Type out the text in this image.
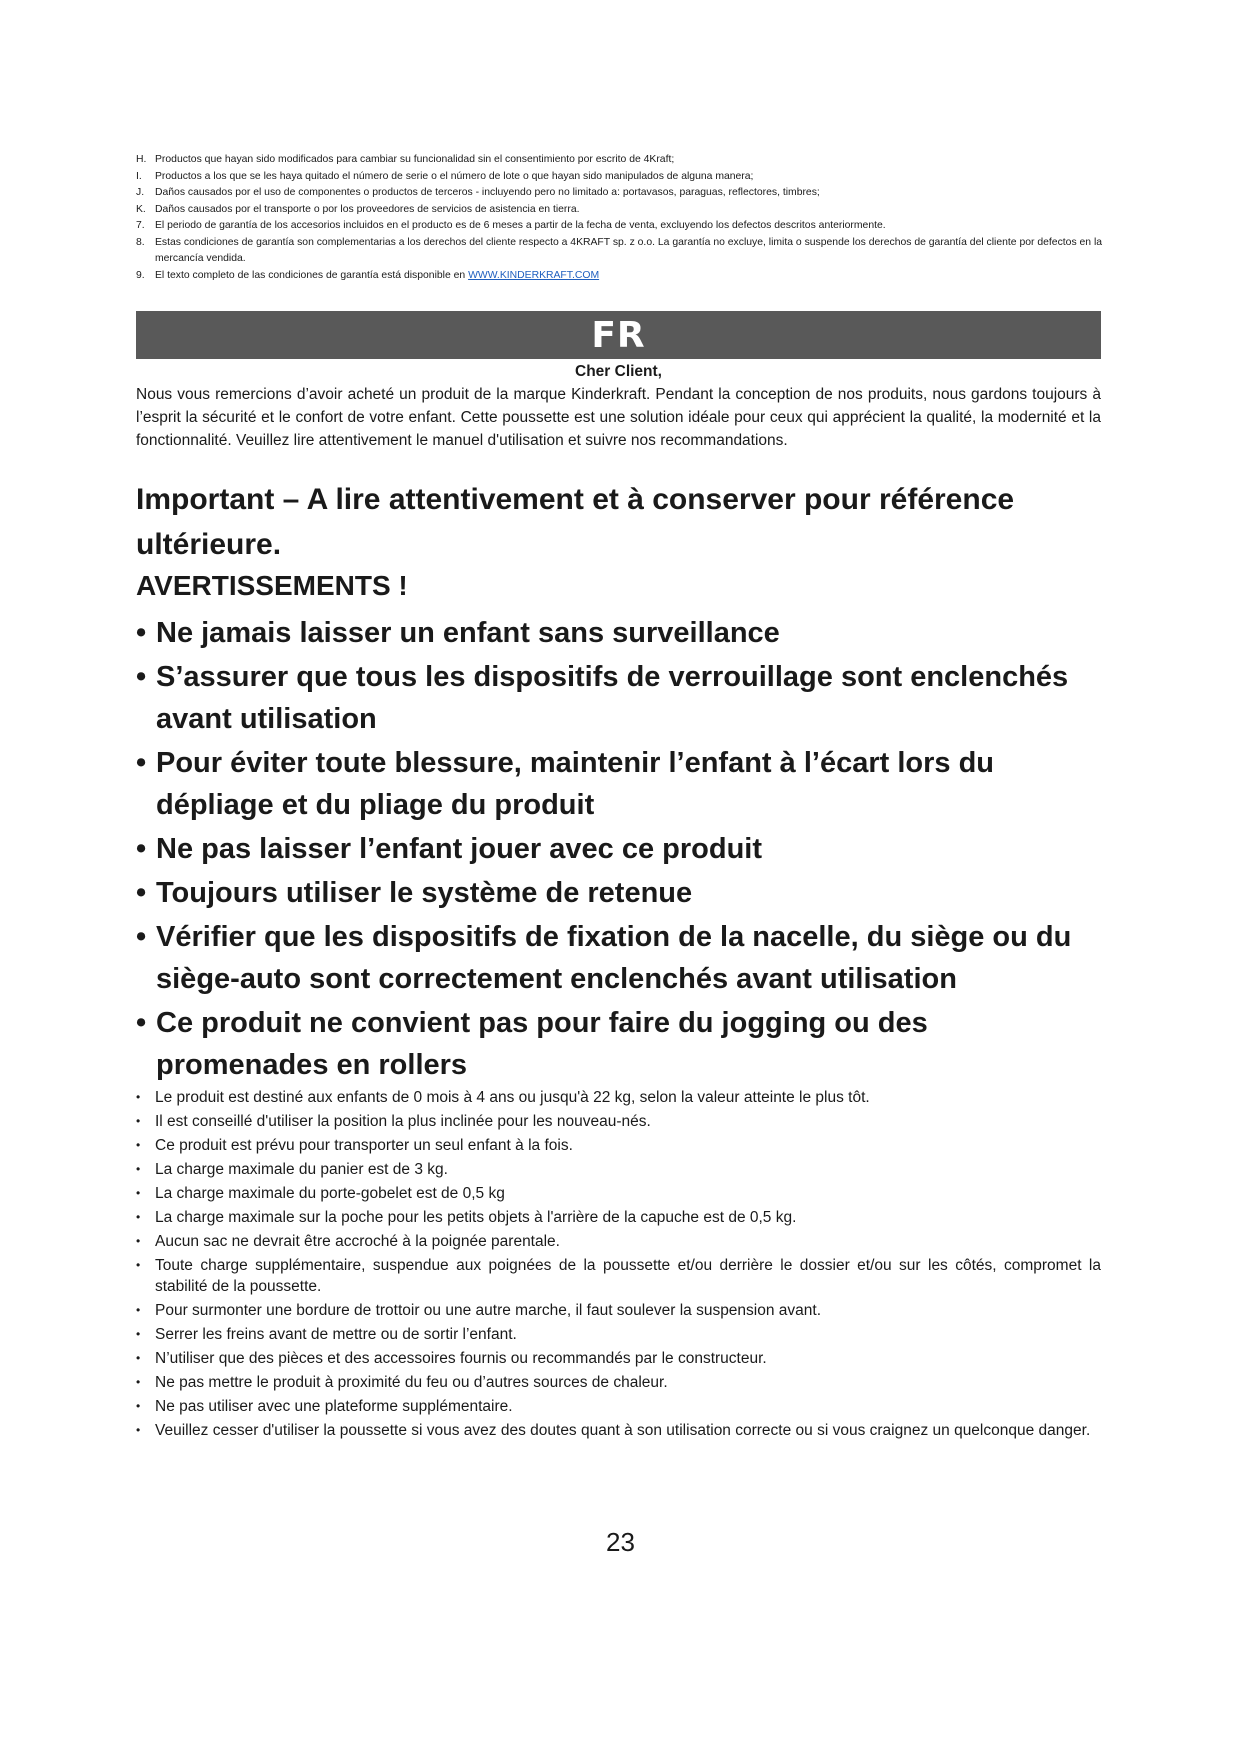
H. Productos que hayan sido modificados para cambiar su funcionalidad sin el consentimiento por escrito de 4Kraft;
I. Productos a los que se les haya quitado el número de serie o el número de lote o que hayan sido manipulados de alguna manera;
J. Daños causados por el uso de componentes o productos de terceros - incluyendo pero no limitado a: portavasos, paraguas, reflectores, timbres;
K. Daños causados por el transporte o por los proveedores de servicios de asistencia en tierra.
7. El periodo de garantía de los accesorios incluidos en el producto es de 6 meses a partir de la fecha de venta, excluyendo los defectos descritos anteriormente.
8. Estas condiciones de garantía son complementarias a los derechos del cliente respecto a 4KRAFT sp. z o.o. La garantía no excluye, limita o suspende los derechos de garantía del cliente por defectos en la mercancía vendida.
9. El texto completo de las condiciones de garantía está disponible en WWW.KINDERKRAFT.COM
FR
Cher Client,

Nous vous remercions d’avoir acheté un produit de la marque Kinderkraft. Pendant la conception de nos produits, nous gardons toujours à l’esprit la sécurité et le confort de votre enfant. Cette poussette est une solution idéale pour ceux qui apprécient la qualité, la modernité et la fonctionnalité. Veuillez lire attentivement le manuel d'utilisation et suivre nos recommandations.

Important – A lire attentivement et à conserver pour référence ultérieure.
AVERTISSEMENTS !
• Ne jamais laisser un enfant sans surveillance
• S’assurer que tous les dispositifs de verrouillage sont enclenchés avant utilisation
• Pour éviter toute blessure, maintenir l’enfant à l’écart lors du dépliage et du pliage du produit
• Ne pas laisser l’enfant jouer avec ce produit
• Toujours utiliser le système de retenue
• Vérifier que les dispositifs de fixation de la nacelle, du siège ou du siège-auto sont correctement enclenchés avant utilisation
• Ce produit ne convient pas pour faire du jogging ou des promenades en rollers
• Le produit est destiné aux enfants de 0 mois à 4 ans ou jusqu'à 22 kg, selon la valeur atteinte le plus tôt.
• Il est conseillé d'utiliser la position la plus inclinée pour les nouveau-nés.
• Ce produit est prévu pour transporter un seul enfant à la fois.
• La charge maximale du panier est de 3 kg.
• La charge maximale du porte-gobelet est de 0,5 kg
• La charge maximale sur la poche pour les petits objets à l'arrière de la capuche est de 0,5 kg.
• Aucun sac ne devrait être accroché à la poignée parentale.
• Toute charge supplémentaire, suspendue aux poignées de la poussette et/ou derrière le dossier et/ou sur les côtés, compromet la stabilité de la poussette.
• Pour surmonter une bordure de trottoir ou une autre marche, il faut soulever la suspension avant.
• Serrer les freins avant de mettre ou de sortir l’enfant.
• N’utiliser que des pièces et des accessoires fournis ou recommandés par le constructeur.
• Ne pas mettre le produit à proximité du feu ou d’autres sources de chaleur.
• Ne pas utiliser avec une plateforme supplémentaire.
• Veuillez cesser d'utiliser la poussette si vous avez des doutes quant à son utilisation correcte ou si vous craignez un quelconque danger.
23
